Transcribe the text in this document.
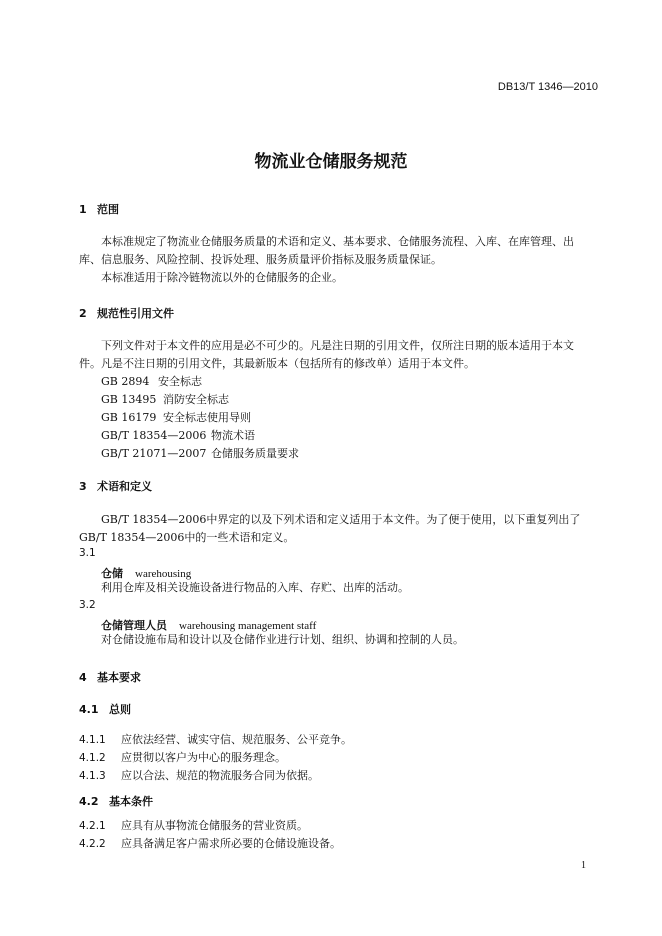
DB13/T 1346—2010
物流业仓储服务规范
1 范围
本标准规定了物流业仓储服务质量的术语和定义、基本要求、仓储服务流程、入库、在库管理、出
库、信息服务、风险控制、投诉处理、服务质量评价指标及服务质量保证。
本标准适用于除冷链物流以外的仓储服务的企业。
2 规范性引用文件
下列文件对于本文件的应用是必不可少的。凡是注日期的引用文件，仅所注日期的版本适用于本文
件。凡是不注日期的引用文件，其最新版本（包括所有的修改单）适用于本文件。
GB 2894 安全标志
GB 13495 消防安全标志
GB 16179 安全标志使用导则
GB/T 18354—2006 物流术语
GB/T 21071—2007 仓储服务质量要求
3 术语和定义
GB/T 18354—2006中界定的以及下列术语和定义适用于本文件。为了便于使用，以下重复列出了
GB/T 18354—2006中的一些术语和定义。
3.1
仓储 warehousing
利用仓库及相关设施设备进行物品的入库、存贮、出库的活动。
3.2
仓储管理人员 warehousing management staff
对仓储设施布局和设计以及仓储作业进行计划、组织、协调和控制的人员。
4 基本要求
4.1 总则
4.1.1 应依法经营、诚实守信、规范服务、公平竞争。
4.1.2 应贯彻以客户为中心的服务理念。
4.1.3 应以合法、规范的物流服务合同为依据。
4.2 基本条件
4.2.1 应具有从事物流仓储服务的营业资质。
4.2.2 应具备满足客户需求所必要的仓储设施设备。
1
